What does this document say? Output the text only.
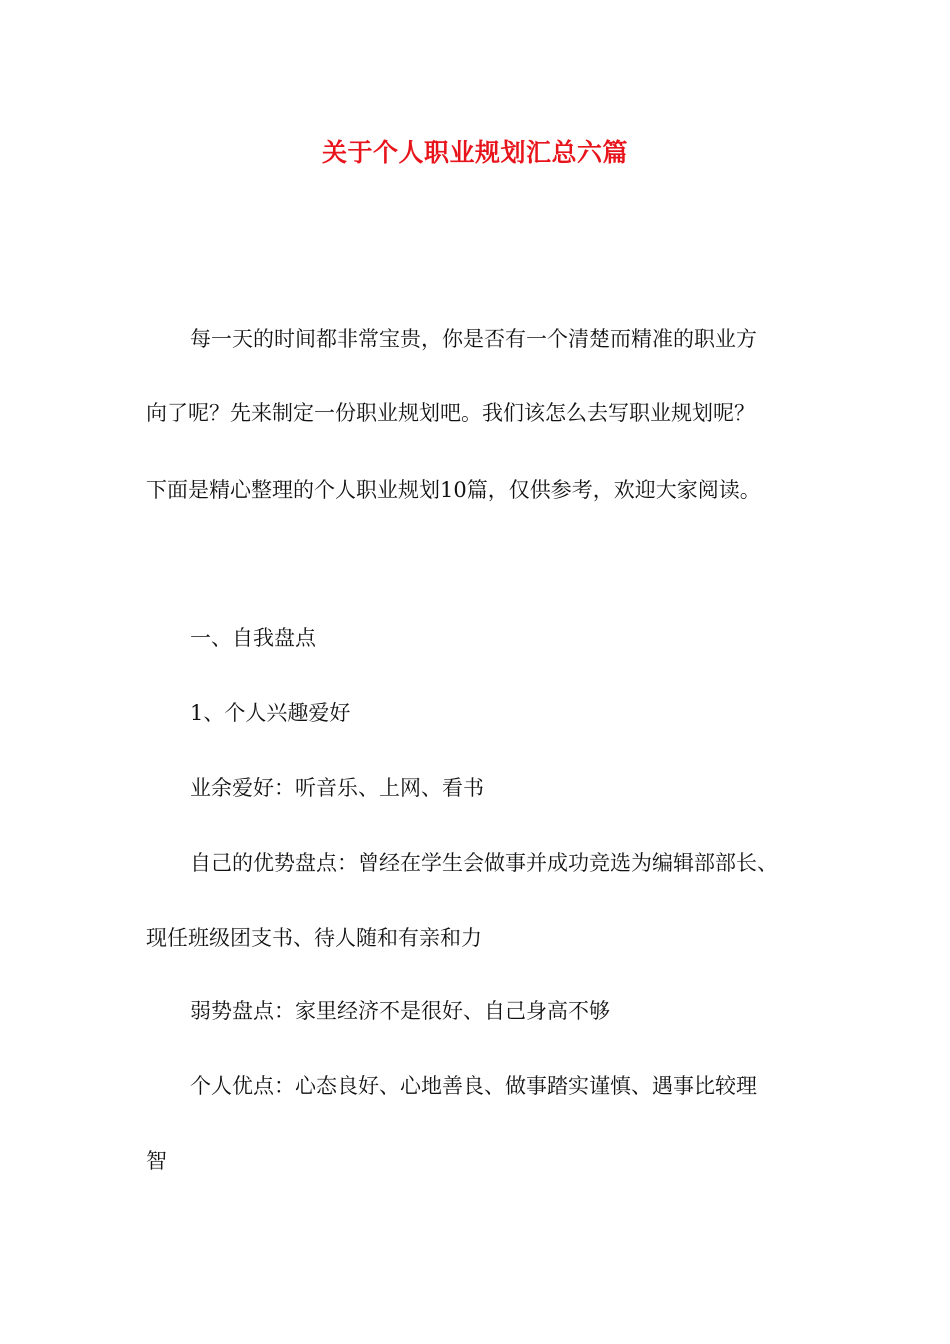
关于个人职业规划汇总六篇
每一天的时间都非常宝贵，你是否有一个清楚而精准的职业方
向了呢？先来制定一份职业规划吧。我们该怎么去写职业规划呢？
下面是精心整理的个人职业规划10篇，仅供参考，欢迎大家阅读。
一、自我盘点
1、个人兴趣爱好
业余爱好：听音乐、上网、看书
自己的优势盘点：曾经在学生会做事并成功竞选为编辑部部长、
现任班级团支书、待人随和有亲和力
弱势盘点：家里经济不是很好、自己身高不够
个人优点：心态良好、心地善良、做事踏实谨慎、遇事比较理
智
